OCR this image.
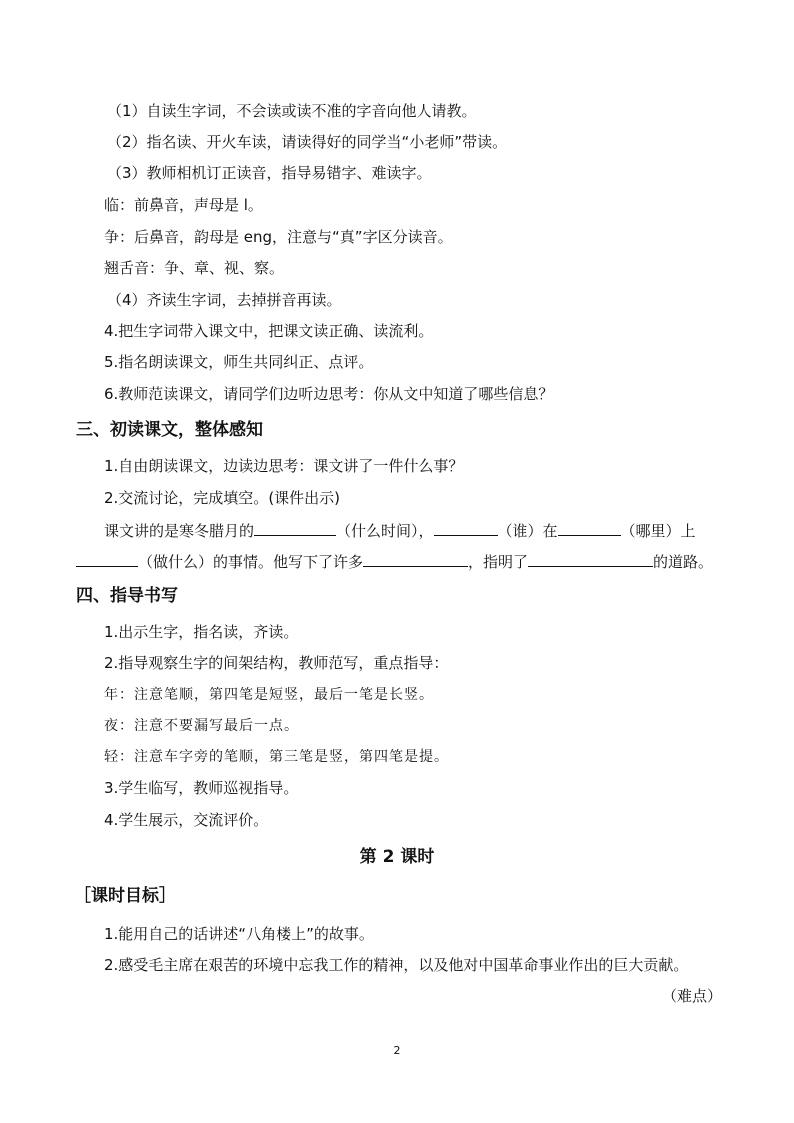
（1）自读生字词，不会读或读不准的字音向他人请教。
（2）指名读、开火车读，请读得好的同学当“小老师”带读。
（3）教师相机订正读音，指导易错字、难读字。
临：前鼻音，声母是 l。
争：后鼻音，韵母是 eng，注意与“真”字区分读音。
翘舌音：争、章、视、察。
（4）齐读生字词，去掉拼音再读。
4.把生字词带入课文中，把课文读正确、读流利。
5.指名朗读课文，师生共同纠正、点评。
6.教师范读课文，请同学们边听边思考：你从文中知道了哪些信息？
三、初读课文，整体感知
1.自由朗读课文，边读边思考：课文讲了一件什么事？
2.交流讨论，完成填空。(课件出示)
课文讲的是寒冬腊月的	（什么时间），	（谁）在	（哪里）上
（做什么）的事情。他写下了许多	，指明了	的道路。
四、指导书写
1.出示生字，指名读，齐读。
2.指导观察生字的间架结构，教师范写，重点指导：
年：注意笔顺，第四笔是短竖，最后一笔是长竖。
夜：注意不要漏写最后一点。
轻：注意车字旁的笔顺，第三笔是竖，第四笔是提。
3.学生临写，教师巡视指导。
4.学生展示，交流评价。
第 2 课时
［课时目标］
1.能用自己的话讲述“八角楼上”的故事。
2.感受毛主席在艰苦的环境中忘我工作的精神，以及他对中国革命事业作出的巨大贡献。
（难点）
2
